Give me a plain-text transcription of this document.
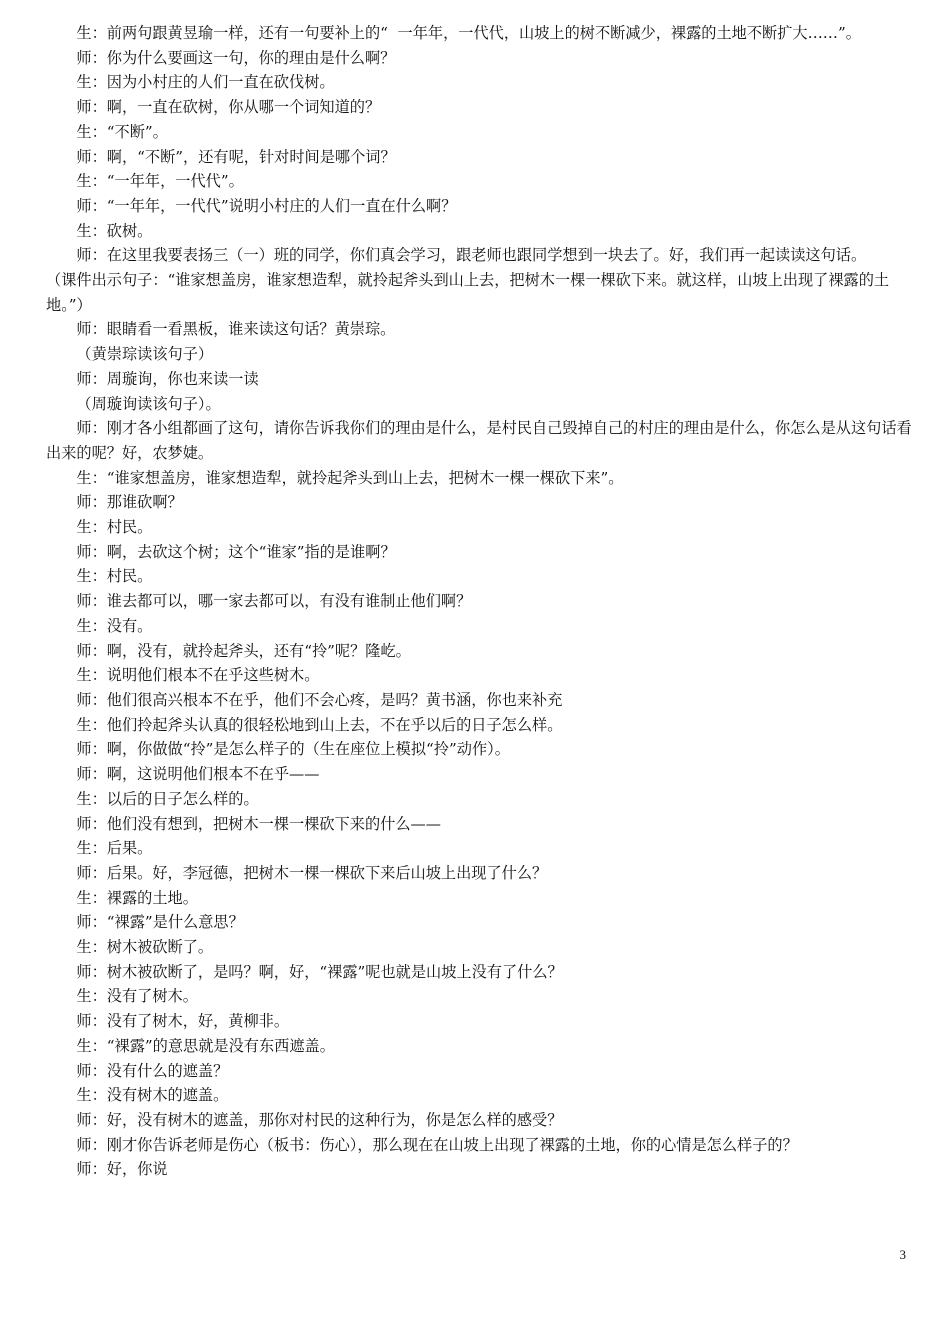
生：前两句跟黄昱瑜一样，还有一句要补上的“  一年年，一代代，山坡上的树不断减少，裸露的土地不断扩大……”。
师：你为什么要画这一句，你的理由是什么啊？
生：因为小村庄的人们一直在砍伐树。
师：啊，一直在砍树，你从哪一个词知道的？
生：“不断”。
师：啊，“不断”，还有呢，针对时间是哪个词？
生：“一年年，一代代”。
师：“一年年，一代代”说明小村庄的人们一直在什么啊？
生：砍树。
师：在这里我要表扬三（一）班的同学，你们真会学习，跟老师也跟同学想到一块去了。好，我们再一起读读这句话。
（课件出示句子：“谁家想盖房，谁家想造犁，就拎起斧头到山上去，把树木一棵一棵砍下来。就这样，山坡上出现了裸露的土地。”）
师：眼睛看一看黑板，谁来读这句话？黄崇琮。
（黄崇琮读该句子）
师：周璇询，你也来读一读
（周璇询读该句子）。
师：刚才各小组都画了这句，请你告诉我你们的理由是什么，是村民自己毁掉自己的村庄的理由是什么，你怎么是从这句话看出来的呢？好，农梦婕。
生：“谁家想盖房，谁家想造犁，就拎起斧头到山上去，把树木一棵一棵砍下来”。
师：那谁砍啊？
生：村民。
师：啊，去砍这个树；这个“谁家”指的是谁啊？
生：村民。
师：谁去都可以，哪一家去都可以，有没有谁制止他们啊？
生：没有。
师：啊，没有，就拎起斧头，还有“拎”呢？隆屹。
生：说明他们根本不在乎这些树木。
师：他们很高兴根本不在乎，他们不会心疼，是吗？黄书涵，你也来补充
生：他们拎起斧头认真的很轻松地到山上去，不在乎以后的日子怎么样。
师：啊，你做做“拎”是怎么样子的（生在座位上模拟“拎”动作）。
师：啊，这说明他们根本不在乎——
生：以后的日子怎么样的。
师：他们没有想到，把树木一棵一棵砍下来的什么——
生：后果。
师：后果。好，李冠德，把树木一棵一棵砍下来后山坡上出现了什么？
生：裸露的土地。
师：“裸露”是什么意思？
生：树木被砍断了。
师：树木被砍断了，是吗？啊，好，“裸露”呢也就是山坡上没有了什么？
生：没有了树木。
师：没有了树木，好，黄柳非。
生：“裸露”的意思就是没有东西遮盖。
师：没有什么的遮盖？
生：没有树木的遮盖。
师：好，没有树木的遮盖，那你对村民的这种行为，你是怎么样的感受？
师：刚才你告诉老师是伤心（板书：伤心），那么现在在山坡上出现了裸露的土地，你的心情是怎么样子的？
师：好，你说
3
